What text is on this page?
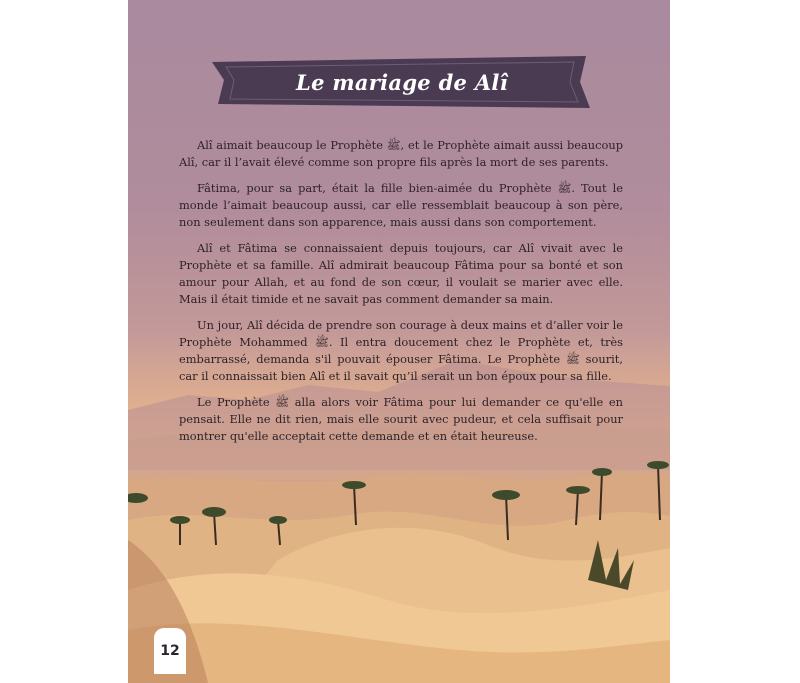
Le mariage de Alî

Alî aimait beaucoup le Prophète ﷺ, et le Prophète aimait aussi beaucoup Alî, car il l’avait élevé comme son propre fils après la mort de ses parents.

Fâtima, pour sa part, était la fille bien-aimée du Prophète ﷺ. Tout le monde l’aimait beaucoup aussi, car elle ressemblait beaucoup à son père, non seulement dans son apparence, mais aussi dans son comportement.

Alî et Fâtima se connaissaient depuis toujours, car Alî vivait avec le Prophète et sa famille. Alî admirait beaucoup Fâtima pour sa bonté et son amour pour Allah, et au fond de son cœur, il voulait se marier avec elle. Mais il était timide et ne savait pas comment demander sa main.

Un jour, Alî décida de prendre son courage à deux mains et d’aller voir le Prophète Mohammed ﷺ. Il entra doucement chez le Prophète et, très embarrassé, demanda s'il pouvait épouser Fâtima. Le Prophète ﷺ sourit, car il connaissait bien Alî et il savait qu’il serait un bon époux pour sa fille.

Le Prophète ﷺ alla alors voir Fâtima pour lui demander ce qu'elle en pensait. Elle ne dit rien, mais elle sourit avec pudeur, et cela suffisait pour montrer qu'elle acceptait cette demande et en était heureuse.

12
